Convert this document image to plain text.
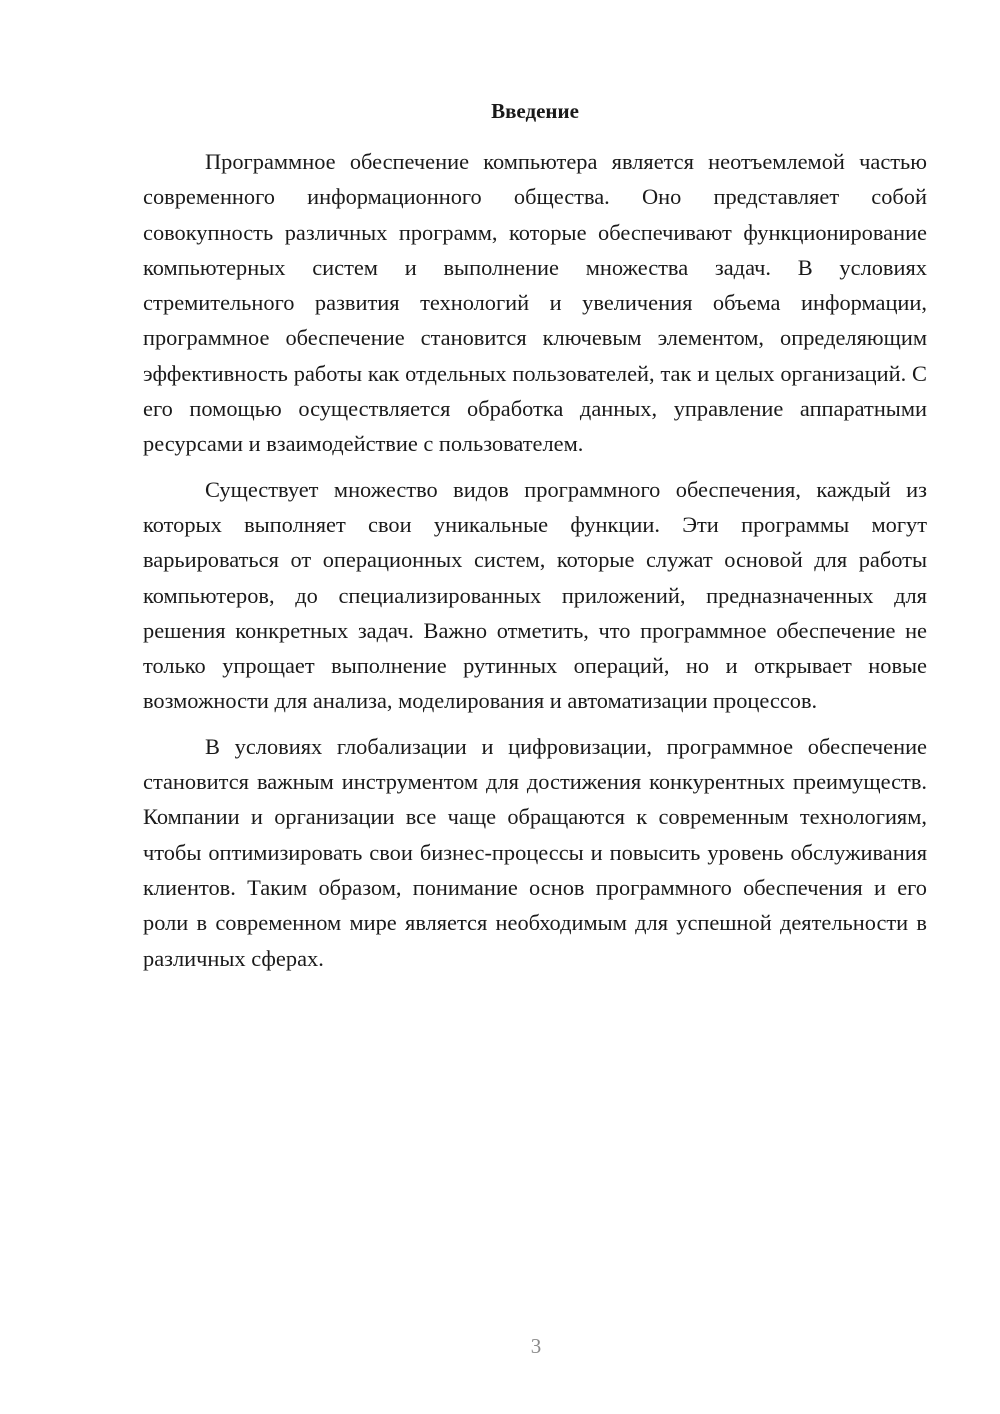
Введение

Программное обеспечение компьютера является неотъемлемой частью современного информационного общества. Оно представляет собой совокупность различных программ, которые обеспечивают функционирование компьютерных систем и выполнение множества задач. В условиях стремительного развития технологий и увеличения объема информации, программное обеспечение становится ключевым элементом, определяющим эффективность работы как отдельных пользователей, так и целых организаций. С его помощью осуществляется обработка данных, управление аппаратными ресурсами и взаимодействие с пользователем.

Существует множество видов программного обеспечения, каждый из которых выполняет свои уникальные функции. Эти программы могут варьироваться от операционных систем, которые служат основой для работы компьютеров, до специализированных приложений, предназначенных для решения конкретных задач. Важно отметить, что программное обеспечение не только упрощает выполнение рутинных операций, но и открывает новые возможности для анализа, моделирования и автоматизации процессов.

В условиях глобализации и цифровизации, программное обеспечение становится важным инструментом для достижения конкурентных преимуществ. Компании и организации все чаще обращаются к современным технологиям, чтобы оптимизировать свои бизнес-процессы и повысить уровень обслуживания клиентов. Таким образом, понимание основ программного обеспечения и его роли в современном мире является необходимым для успешной деятельности в различных сферах.

3
